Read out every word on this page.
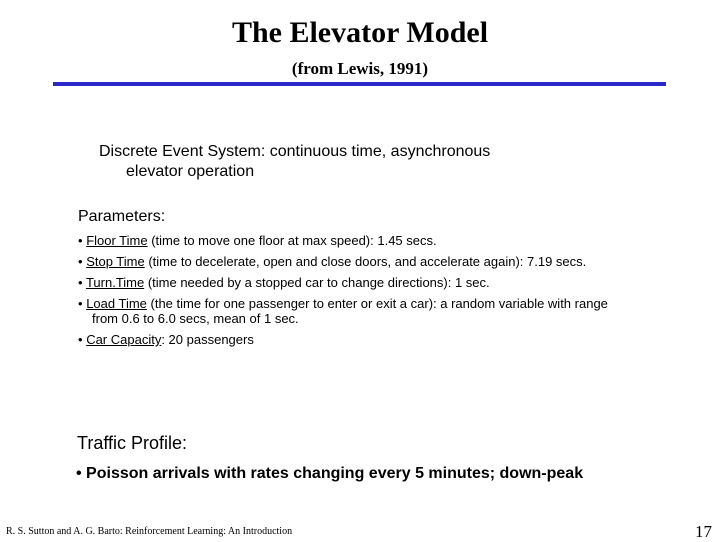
The Elevator Model
(from Lewis, 1991)
Discrete Event System: continuous time, asynchronous
elevator operation
Parameters:
• Floor Time (time to move one floor at max speed): 1.45 secs.
• Stop Time (time to decelerate, open and close doors, and accelerate again): 7.19 secs.
• Turn.Time (time needed by a stopped car to change directions): 1 sec.
• Load Time (the time for one passenger to enter or exit a car): a random variable with range
from 0.6 to 6.0 secs, mean of 1 sec.
• Car Capacity: 20 passengers
Traffic Profile:
• Poisson arrivals with rates changing every 5 minutes; down-peak
R. S. Sutton and A. G. Barto: Reinforcement Learning: An Introduction	17
